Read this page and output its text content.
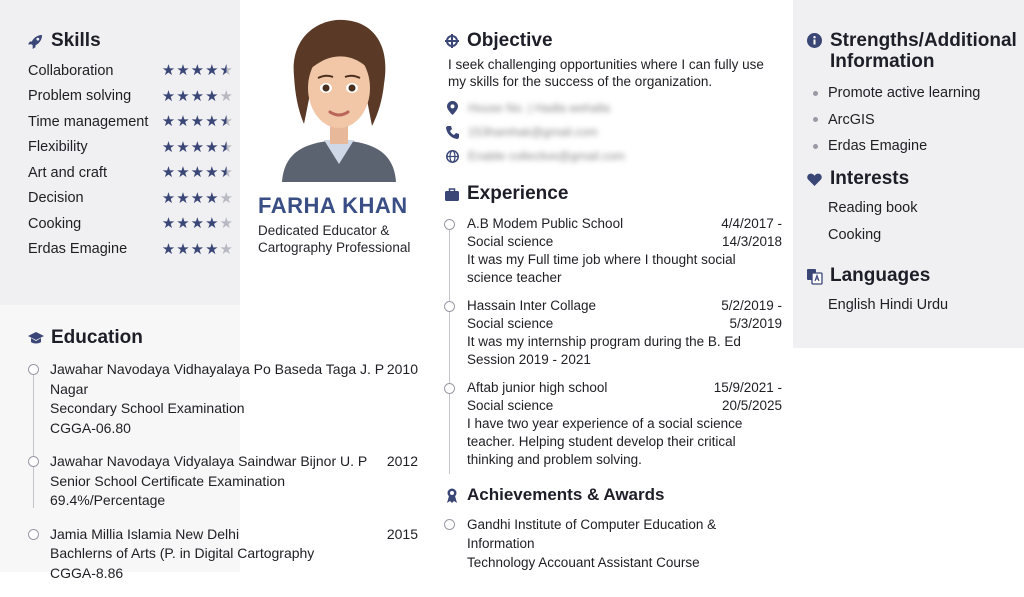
Skills
Collaboration	★ ★ ★ ★ ★
Problem solving ★ ★ ★ ★ ★
Time management ★ ★ ★ ★ ★
Flexibility	★ ★ ★ ★ ★
Art and craft	★ ★ ★ ★ ★
Decision	★ ★ ★ ★ ★
Cooking	★ ★ ★ ★ ★
Erdas Emagine ★ ★ ★ ★ ★
FARHA KHAN
Dedicated Educator &
Cartography Professional
Education
Jawahar Navodaya Vidhayalaya Po Baseda Taga J. P Nagar
2010
Secondary School Examination
CGGA-06.80
Jawahar Navodaya Vidyalaya Saindwar Bijnor U. P 2012
Senior School Certificate Examination
69.4%/Percentage
Jamia Millia Islamia New Delhi	2015
Bachlerns of Arts (P. in Digital Cartography
CGGA-8.86
Objective
I seek challenging opportunities where I can fully use my skills for the success of the organization.
House No. | Hadla wehalla
153hamhak@gmail.com
Enable collective@gmail.com
Experience
A.B Modem Public School	4/4/2017 -
Social science	14/3/2018
It was my Full time job where I thought social science teacher
Hassain Inter Collage	5/2/2019 -
Social science	5/3/2019
It was my internship program during the B. Ed Session 2019 - 2021
Aftab junior high school	15/9/2021 -
Social science	20/5/2025
I have two year experience of a social science teacher. Helping student develop their critical thinking and problem solving.
Achievements & Awards
Gandhi Institute of Computer Education & Information
Technology Accouant Assistant Course
Strengths/Additional
Information
Promote active learning
ArcGIS
Erdas Emagine
Interests
Reading book
Cooking
Languages
English Hindi Urdu
